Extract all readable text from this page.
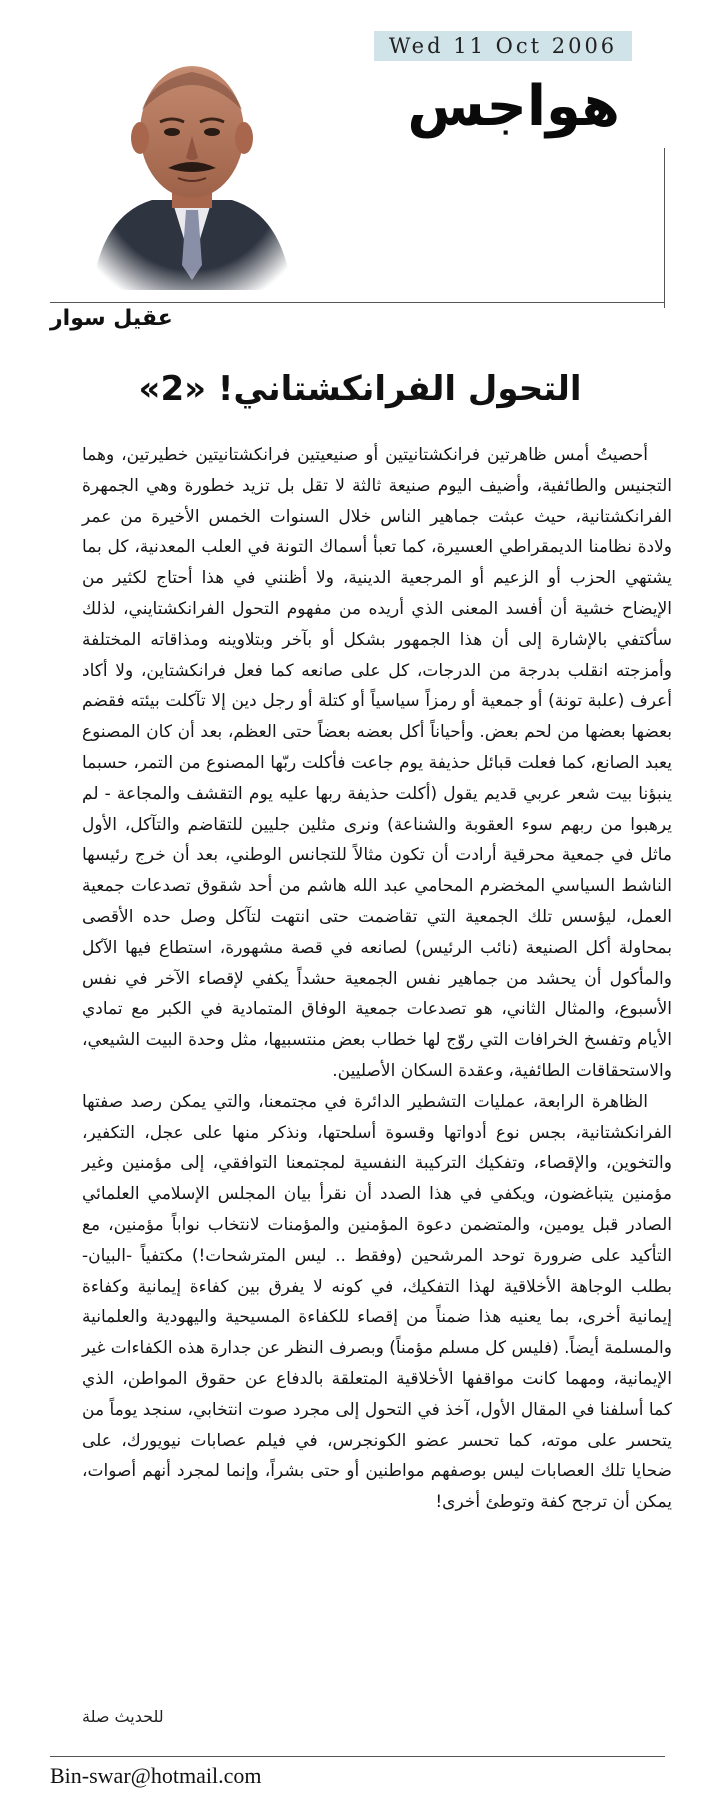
Wed 11 Oct 2006
هواجس
عقيل سوار
التحول الفرانكشتاني! «2»

أحصيتُ أمس ظاهرتين فرانكشتانيتين أو صنيعيتين فرانكشتانيتين خطيرتين، وهما التجنيس والطائفية، وأضيف اليوم صنيعة ثالثة لا تقل بل تزيد خطورة وهي الجمهرة الفرانكشتانية، حيث عبثت جماهير الناس خلال السنوات الخمس الأخيرة من عمر ولادة نظامنا الديمقراطي العسيرة، كما تعبأ أسماك التونة في العلب المعدنية، كل بما يشتهي الحزب أو الزعيم أو المرجعية الدينية، ولا أظنني في هذا أحتاج لكثير من الإيضاح خشية أن أفسد المعنى الذي أريده من مفهوم التحول الفرانكشتايني، لذلك سأكتفي بالإشارة إلى أن هذا الجمهور بشكل أو بآخر وبتلاوينه ومذاقاته المختلفة وأمزجته انقلب بدرجة من الدرجات، كل على صانعه كما فعل فرانكشتاين، ولا أكاد أعرف (علبة تونة) أو جمعية أو رمزاً سياسياً أو كتلة أو رجل دين إلا تآكلت بيئته فقضم بعضها بعضها من لحم بعض. وأحياناً أكل بعضه بعضاً حتى العظم، بعد أن كان المصنوع يعبد الصانع، كما فعلت قبائل حذيفة يوم جاعت فأكلت ربّها المصنوع من التمر، حسبما ينبؤنا بيت شعر عربي قديم يقول (أكلت حذيفة ربها عليه يوم التقشف والمجاعة - لم يرهبوا من ربهم سوء العقوبة والشناعة) ونرى مثلين جليين للتقاضم والتآكل، الأول ماثل في جمعية محرقية أرادت أن تكون مثالاً للتجانس الوطني، بعد أن خرج رئيسها الناشط السياسي المخضرم المحامي عبد الله هاشم من أحد شقوق تصدعات جمعية العمل، ليؤسس تلك الجمعية التي تقاضمت حتى انتهت لتآكل وصل حده الأقصى بمحاولة أكل الصنيعة (نائب الرئيس) لصانعه في قصة مشهورة، استطاع فيها الآكل والمأكول أن يحشد من جماهير نفس الجمعية حشداً يكفي لإقصاء الآخر في نفس الأسبوع، والمثال الثاني، هو تصدعات جمعية الوفاق المتمادية في الكبر مع تمادي الأيام وتفسخ الخرافات التي روّج لها خطاب بعض منتسبيها، مثل وحدة البيت الشيعي، والاستحقاقات الطائفية، وعقدة السكان الأصليين.

الظاهرة الرابعة، عمليات التشطير الدائرة في مجتمعنا، والتي يمكن رصد صفتها الفرانكشتانية، بجس نوع أدواتها وقسوة أسلحتها، ونذكر منها على عجل، التكفير، والتخوين، والإقصاء، وتفكيك التركيبة النفسية لمجتمعنا التوافقي، إلى مؤمنين وغير مؤمنين يتباغضون، ويكفي في هذا الصدد أن نقرأ بيان المجلس الإسلامي العلمائي الصادر قبل يومين، والمتضمن دعوة المؤمنين والمؤمنات لانتخاب نواباً مؤمنين، مع التأكيد على ضرورة توحد المرشحين (وفقط .. ليس المترشحات!) مكتفياً -البيان- بطلب الوجاهة الأخلاقية لهذا التفكيك، في كونه لا يفرق بين كفاءة إيمانية وكفاءة إيمانية أخرى، بما يعنيه هذا ضمناً من إقصاء للكفاءة المسيحية واليهودية والعلمانية والمسلمة أيضاً. (فليس كل مسلم مؤمناً) وبصرف النظر عن جدارة هذه الكفاءات غير الإيمانية، ومهما كانت مواقفها الأخلاقية المتعلقة بالدفاع عن حقوق المواطن، الذي كما أسلفنا في المقال الأول، آخذ في التحول إلى مجرد صوت انتخابي، سنجد يوماً من يتحسر على موته، كما تحسر عضو الكونجرس، في فيلم عصابات نيويورك، على ضحايا تلك العصابات ليس بوصفهم مواطنين أو حتى بشراً، وإنما لمجرد أنهم أصوات، يمكن أن ترجح كفة وتوطئ أخرى!

للحديث صلة
Bin-swar@hotmail.com
